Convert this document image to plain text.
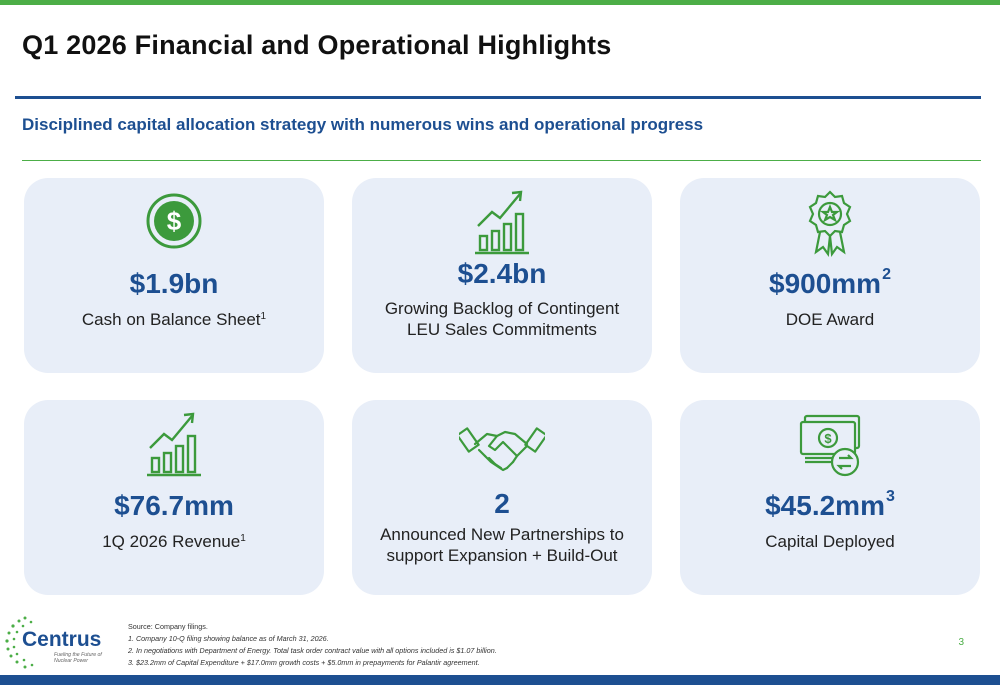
Q1 2026 Financial and Operational Highlights
Disciplined capital allocation strategy with numerous wins and operational progress
$
$1.9bn
Cash on Balance Sheet$^1$
$2.4bn
Growing Backlog of Contingent
LEU Sales Commitments
$\$900mm^2$
DOE Award
$76.7mm
1Q 2026 Revenue$^1$
2
Announced New Partnerships to
support Expansion + Build-Out
$
$\$45.2mm^3$
Capital Deployed
Centrus
Fueling the Future of Nuclear Power
Source: Company filings.
1. Company 10-Q filing showing balance as of March 31, 2026.
2. In negotiations with Department of Energy. Total task order contract value with all options included is $1.07 billion.
3. $23.2mm of Capital Expenditure + $17.0mm growth costs + $5.0mm in prepayments for Palantir agreement.
3
